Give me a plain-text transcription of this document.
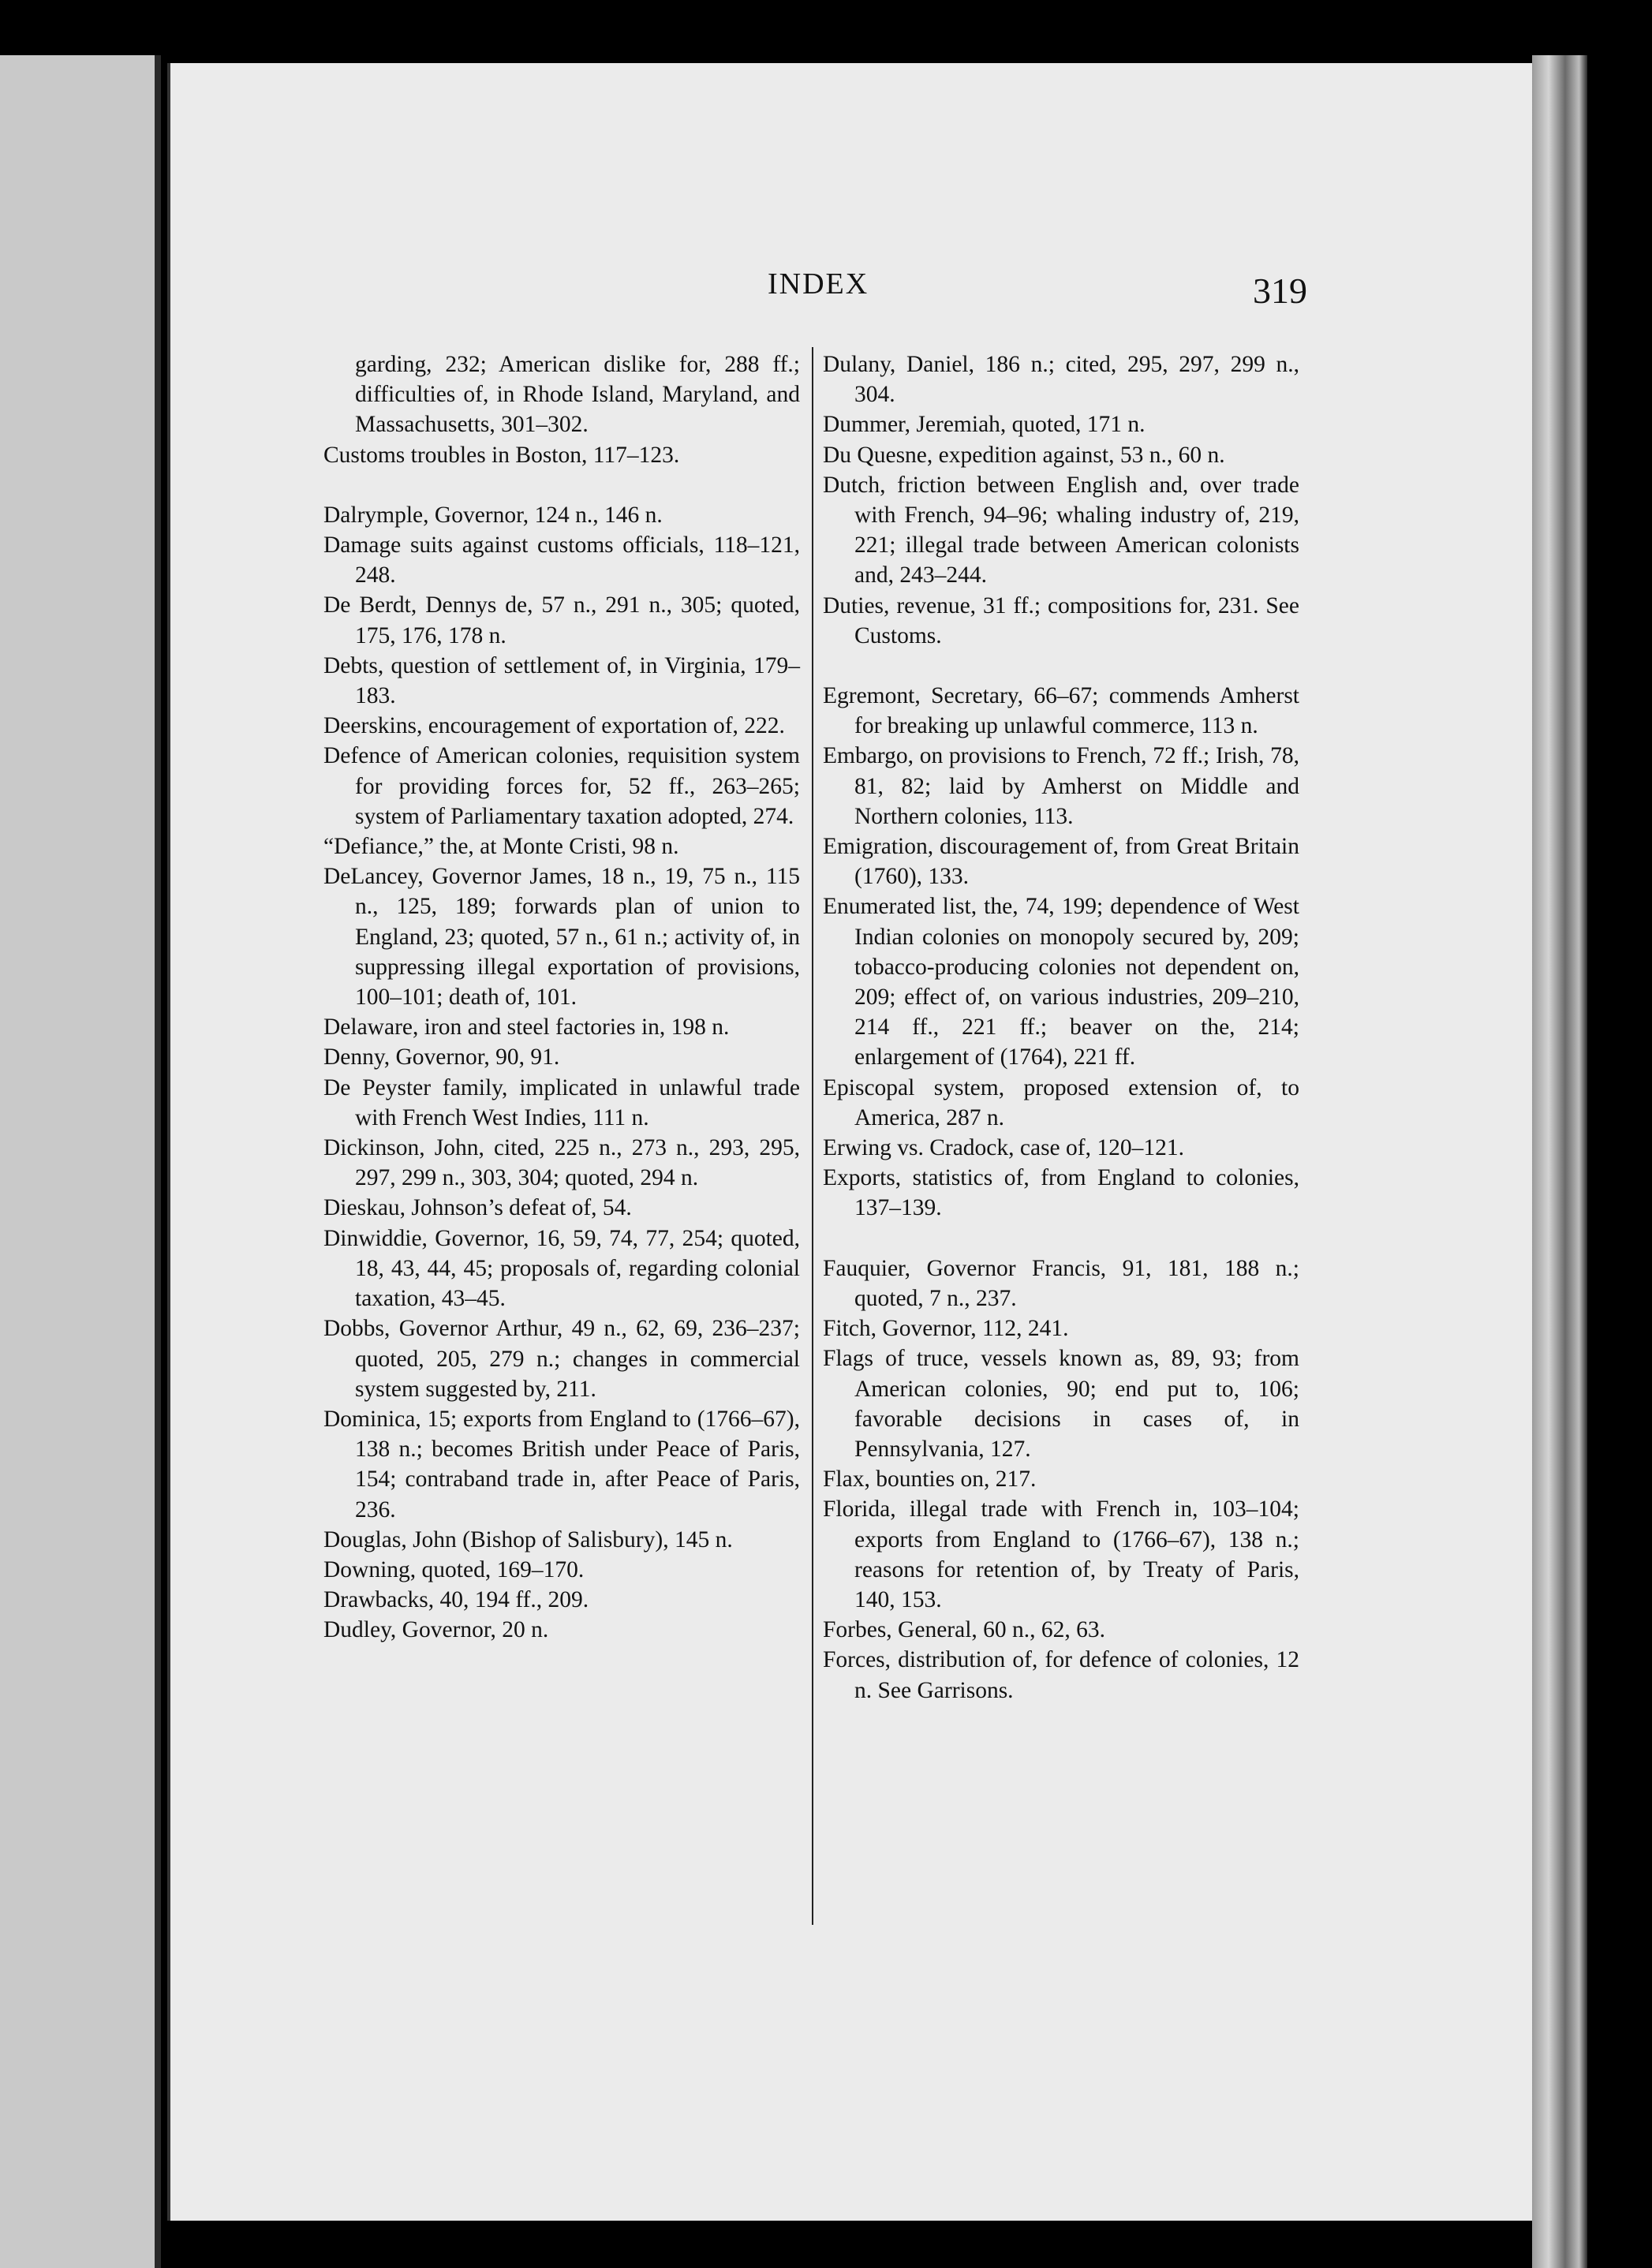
INDEX	319
garding, 232; American dislike for, 288 ff.; difficulties of, in Rhode Island, Maryland, and Massachusetts, 301–302.
Customs troubles in Boston, 117–123.
Dalrymple, Governor, 124 n., 146 n.
Damage suits against customs officials, 118–121, 248.
De Berdt, Dennys de, 57 n., 291 n., 305; quoted, 175, 176, 178 n.
Debts, question of settlement of, in Virginia, 179–183.
Deerskins, encouragement of exportation of, 222.
Defence of American colonies, requisition system for providing forces for, 52 ff., 263–265; system of Parliamentary taxation adopted, 274.
“Defiance,” the, at Monte Cristi, 98 n.
DeLancey, Governor James, 18 n., 19, 75 n., 115 n., 125, 189; forwards plan of union to England, 23; quoted, 57 n., 61 n.; activity of, in suppressing illegal exportation of provisions, 100–101; death of, 101.
Delaware, iron and steel factories in, 198 n.
Denny, Governor, 90, 91.
De Peyster family, implicated in unlawful trade with French West Indies, 111 n.
Dickinson, John, cited, 225 n., 273 n., 293, 295, 297, 299 n., 303, 304; quoted, 294 n.
Dieskau, Johnson’s defeat of, 54.
Dinwiddie, Governor, 16, 59, 74, 77, 254; quoted, 18, 43, 44, 45; proposals of, regarding colonial taxation, 43–45.
Dobbs, Governor Arthur, 49 n., 62, 69, 236–237; quoted, 205, 279 n.; changes in commercial system suggested by, 211.
Dominica, 15; exports from England to (1766–67), 138 n.; becomes British under Peace of Paris, 154; contraband trade in, after Peace of Paris, 236.
Douglas, John (Bishop of Salisbury), 145 n.
Downing, quoted, 169–170.
Drawbacks, 40, 194 ff., 209.
Dudley, Governor, 20 n.
Dulany, Daniel, 186 n.; cited, 295, 297, 299 n., 304.
Dummer, Jeremiah, quoted, 171 n.
Du Quesne, expedition against, 53 n., 60 n.
Dutch, friction between English and, over trade with French, 94–96; whaling industry of, 219, 221; illegal trade between American colonists and, 243–244.
Duties, revenue, 31 ff.; compositions for, 231. See Customs.
Egremont, Secretary, 66–67; commends Amherst for breaking up unlawful commerce, 113 n.
Embargo, on provisions to French, 72 ff.; Irish, 78, 81, 82; laid by Amherst on Middle and Northern colonies, 113.
Emigration, discouragement of, from Great Britain (1760), 133.
Enumerated list, the, 74, 199; dependence of West Indian colonies on monopoly secured by, 209; tobacco-producing colonies not dependent on, 209; effect of, on various industries, 209–210, 214 ff., 221 ff.; beaver on the, 214; enlargement of (1764), 221 ff.
Episcopal system, proposed extension of, to America, 287 n.
Erwing vs. Cradock, case of, 120–121.
Exports, statistics of, from England to colonies, 137–139.
Fauquier, Governor Francis, 91, 181, 188 n.; quoted, 7 n., 237.
Fitch, Governor, 112, 241.
Flags of truce, vessels known as, 89, 93; from American colonies, 90; end put to, 106; favorable decisions in cases of, in Pennsylvania, 127.
Flax, bounties on, 217.
Florida, illegal trade with French in, 103–104; exports from England to (1766–67), 138 n.; reasons for retention of, by Treaty of Paris, 140, 153.
Forbes, General, 60 n., 62, 63.
Forces, distribution of, for defence of colonies, 12 n. See Garrisons.
